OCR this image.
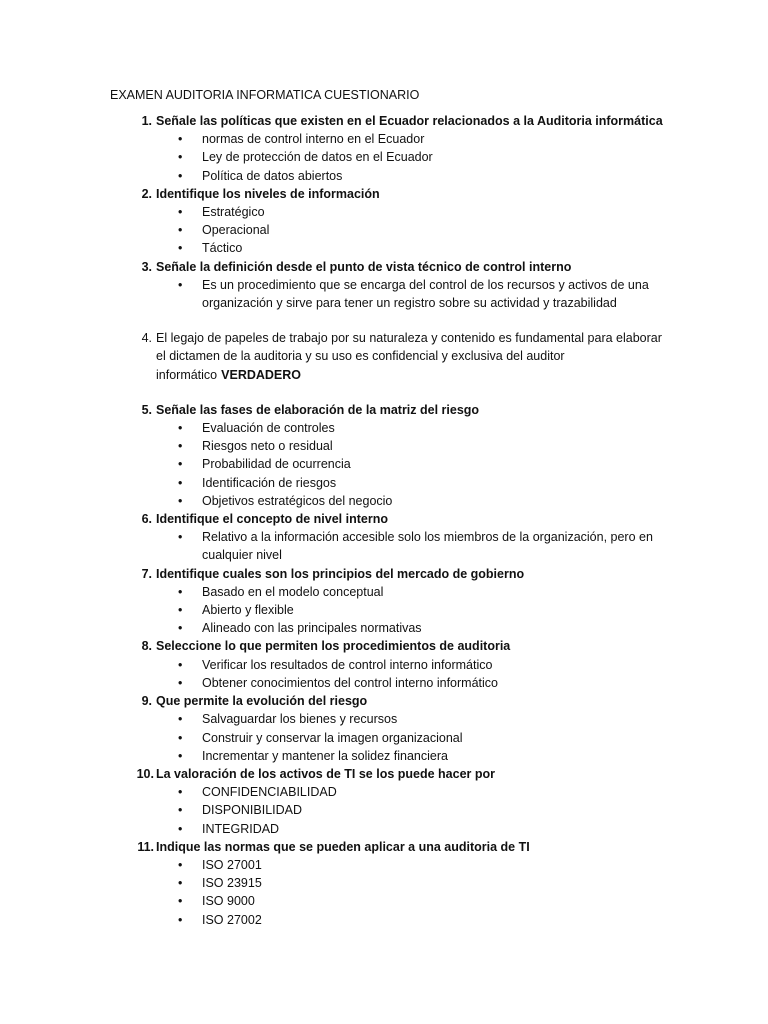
EXAMEN AUDITORIA INFORMATICA CUESTIONARIO
1. Señale las políticas que existen en el Ecuador relacionados a la Auditoria informática
• normas de control interno en el Ecuador
• Ley de protección de datos en el Ecuador
• Política de datos abiertos
2. Identifique los niveles de información
• Estratégico
• Operacional
• Táctico
3. Señale la definición desde el punto de vista técnico de control interno
• Es un procedimiento que se encarga del control de los recursos y activos de una organización y sirve para tener un registro sobre su actividad y trazabilidad
4. El legajo de papeles de trabajo por su naturaleza y contenido es fundamental para elaborar el dictamen de la auditoria y su uso es confidencial y exclusiva del auditor informático VERDADERO
5. Señale las fases de elaboración de la matriz del riesgo
• Evaluación de controles
• Riesgos neto o residual
• Probabilidad de ocurrencia
• Identificación de riesgos
• Objetivos estratégicos del negocio
6. Identifique el concepto de nivel interno
• Relativo a la información accesible solo los miembros de la organización, pero en cualquier nivel
7. Identifique cuales son los principios del mercado de gobierno
• Basado en el modelo conceptual
• Abierto y flexible
• Alineado con las principales normativas
8. Seleccione lo que permiten los procedimientos de auditoria
• Verificar los resultados de control interno informático
• Obtener conocimientos del control interno informático
9. Que permite la evolución del riesgo
• Salvaguardar los bienes y recursos
• Construir y conservar la imagen organizacional
• Incrementar y mantener la solidez financiera
10. La valoración de los activos de TI se los puede hacer por
• CONFIDENCIABILIDAD
• DISPONIBILIDAD
• INTEGRIDAD
11. Indique las normas que se pueden aplicar a una auditoria de TI
• ISO 27001
• ISO 23915
• ISO 9000
• ISO 27002
